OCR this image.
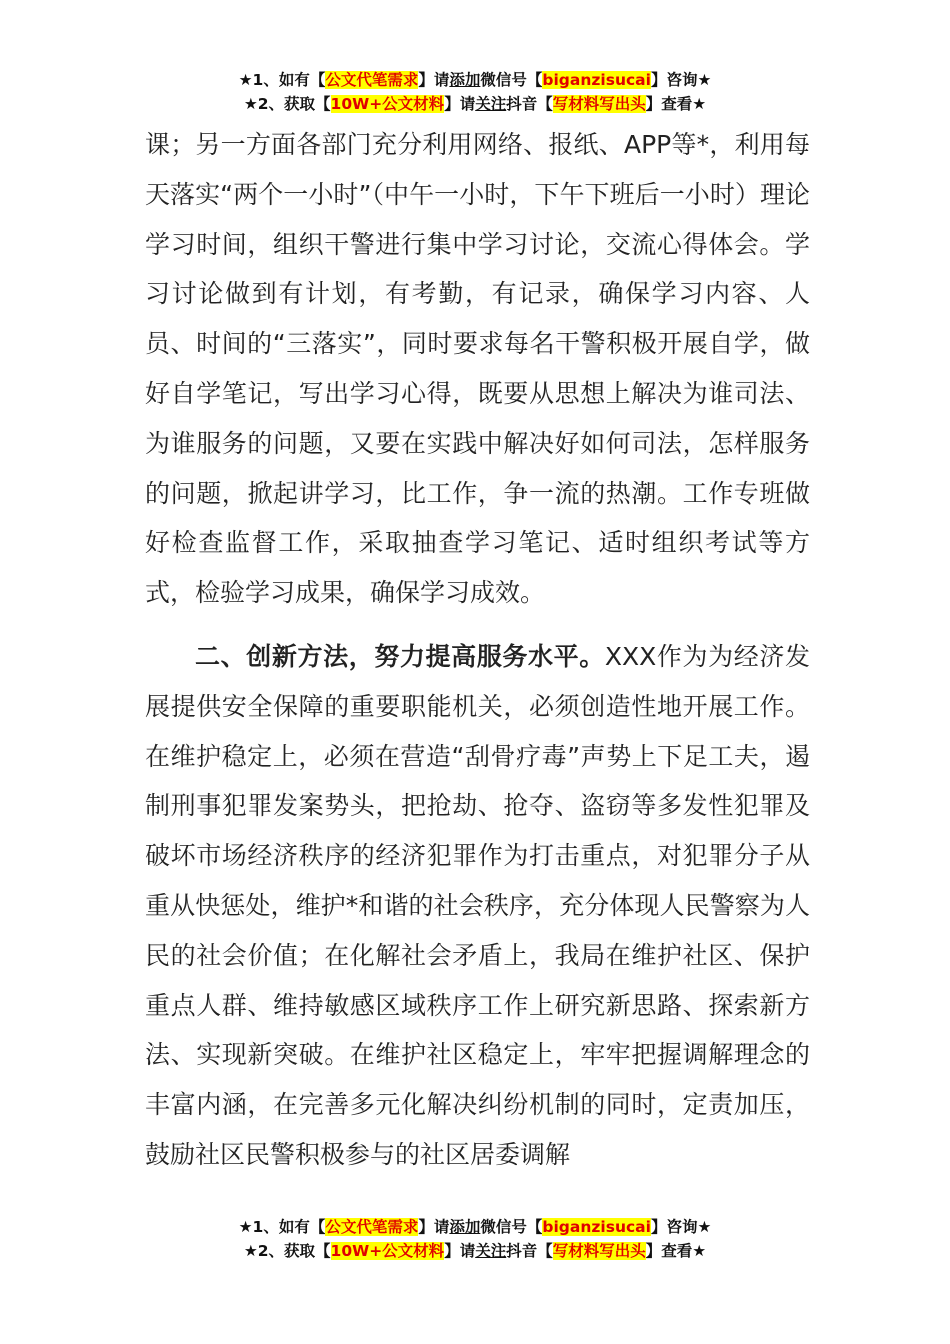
★1、如有【公文代笔需求】请添加微信号【biganzisucai】咨询★
★2、获取【10W+公文材料】请关注抖音【写材料写出头】查看★

课；另一方面各部门充分利用网络、报纸、APP等*，利用每天落实“两个一小时”（中午一小时，下午下班后一小时）理论学习时间，组织干警进行集中学习讨论，交流心得体会。学习讨论做到有计划，有考勤，有记录，确保学习内容、人员、时间的“三落实”，同时要求每名干警积极开展自学，做好自学笔记，写出学习心得，既要从思想上解决为谁司法、为谁服务的问题，又要在实践中解决好如何司法，怎样服务的问题，掀起讲学习，比工作，争一流的热潮。工作专班做好检查监督工作，采取抽查学习笔记、适时组织考试等方式，检验学习成果，确保学习成效。

二、创新方法，努力提高服务水平。XXX作为为经济发展提供安全保障的重要职能机关，必须创造性地开展工作。在维护稳定上，必须在营造“刮骨疗毒”声势上下足工夫，遏制刑事犯罪发案势头，把抢劫、抢夺、盗窃等多发性犯罪及破坏市场经济秩序的经济犯罪作为打击重点，对犯罪分子从重从快惩处，维护*和谐的社会秩序，充分体现人民警察为人民的社会价值；在化解社会矛盾上，我局在维护社区、保护重点人群、维持敏感区域秩序工作上研究新思路、探索新方法、实现新突破。在维护社区稳定上，牢牢把握调解理念的丰富内涵，在完善多元化解决纠纷机制的同时，定责加压，鼓励社区民警积极参与的社区居委调解

★1、如有【公文代笔需求】请添加微信号【biganzisucai】咨询★
★2、获取【10W+公文材料】请关注抖音【写材料写出头】查看★
